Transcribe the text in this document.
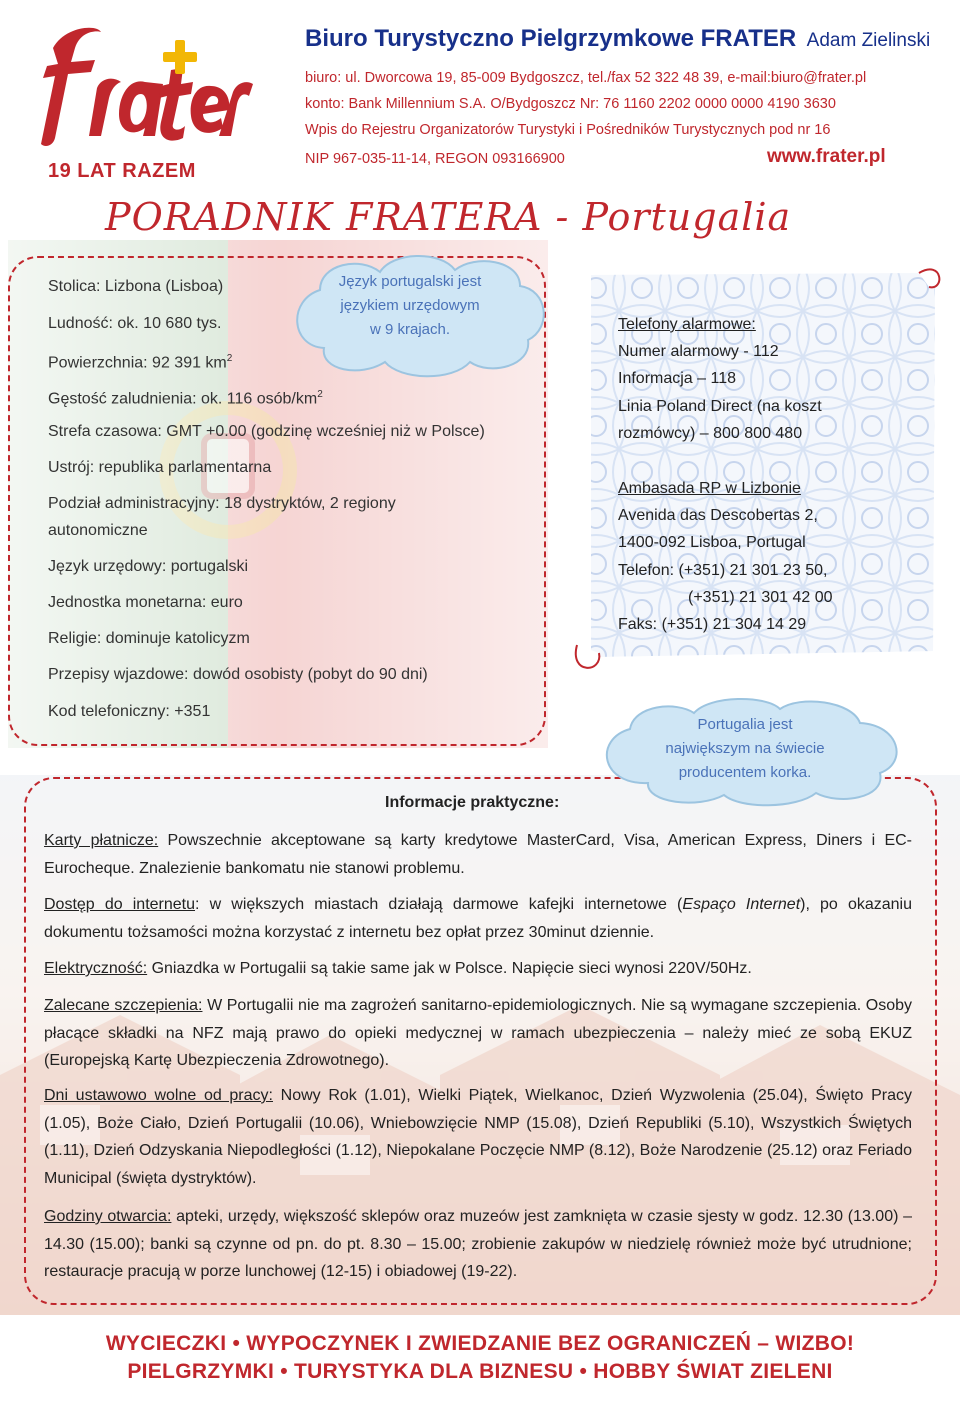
19 LAT RAZEM
Biuro Turystyczno Pielgrzymkowe FRATER Adam Zielinski
biuro: ul. Dworcowa 19, 85-009 Bydgoszcz, tel./fax 52 322 48 39, e-mail:biuro@frater.pl
konto: Bank Millennium S.A. O/Bydgoszcz Nr: 76 1160 2202 0000 0000 4190 3630
Wpis do Rejestru Organizatorów Turystyki i Pośredników Turystycznych pod nr 16
NIP 967-035-11-14, REGON 093166900	www.frater.pl
PORADNIK FRATERA - Portugalia
Stolica: Lizbona (Lisboa)
Ludność: ok. 10 680 tys.
Powierzchnia: 92 391 $km^2$
Gęstość zaludnienia: ok. 116 osób/$km^2$
Strefa czasowa: GMT +0.00 (godzinę wcześniej niż w Polsce)
Ustrój: republika parlamentarna
Podział administracyjny: 18 dystryktów, 2 regiony
autonomiczne
Język urzędowy: portugalski
Jednostka monetarna: euro
Religie: dominuje katolicyzm
Przepisy wjazdowe: dowód osobisty (pobyt do 90 dni)
Kod telefoniczny: +351
Język portugalski jest
językiem urzędowym
w 9 krajach.	Telefony alarmowe:
Numer alarmowy - 112
Informacja – 118
Linia Poland Direct (na koszt
rozmówcy) – 800 800 480
Ambasada RP w Lizbonie
Avenida das Descobertas 2,
1400-092 Lisboa, Portugal
Telefon: (+351) 21 301 23 50,
(+351) 21 301 42 00
Faks: (+351) 21 304 14 29
Portugalia jest
największym na świecie
producentem korka.
Informacje praktyczne:
Karty płatnicze: Powszechnie akceptowane są karty kredytowe MasterCard, Visa, American Express, Diners i EC-Eurocheque. Znalezienie bankomatu nie stanowi problemu.
Dostęp do internetu: w większych miastach działają darmowe kafejki internetowe (Espaço Internet), po okazaniu dokumentu tożsamości można korzystać z internetu bez opłat przez 30minut dziennie.
Elektryczność: Gniazdka w Portugalii są takie same jak w Polsce. Napięcie sieci wynosi 220V/50Hz.
Zalecane szczepienia: W Portugalii nie ma zagrożeń sanitarno-epidemiologicznych. Nie są wymagane szczepienia. Osoby płacące składki na NFZ mają prawo do opieki medycznej w ramach ubezpieczenia – należy mieć ze sobą EKUZ (Europejską Kartę Ubezpieczenia Zdrowotnego).
Dni ustawowo wolne od pracy: Nowy Rok (1.01), Wielki Piątek, Wielkanoc, Dzień Wyzwolenia (25.04), Święto Pracy (1.05), Boże Ciało, Dzień Portugalii (10.06), Wniebowzięcie NMP (15.08), Dzień Republiki (5.10), Wszystkich Świętych (1.11), Dzień Odzyskania Niepodległości (1.12), Niepokalane Poczęcie NMP (8.12), Boże Narodzenie (25.12) oraz Feriado Municipal (święta dystryktów).
Godziny otwarcia: apteki, urzędy, większość sklepów oraz muzeów jest zamknięta w czasie sjesty w godz. 12.30 (13.00) – 14.30 (15.00); banki są czynne od pn. do pt. 8.30 – 15.00; zrobienie zakupów w niedzielę również może być utrudnione; restauracje pracują w porze lunchowej (12-15) i obiadowej (19-22).
WYCIECZKI • WYPOCZYNEK I ZWIEDZANIE BEZ OGRANICZEŃ – WIZBO!
PIELGRZYMKI • TURYSTYKA DLA BIZNESU • HOBBY ŚWIAT ZIELENI
